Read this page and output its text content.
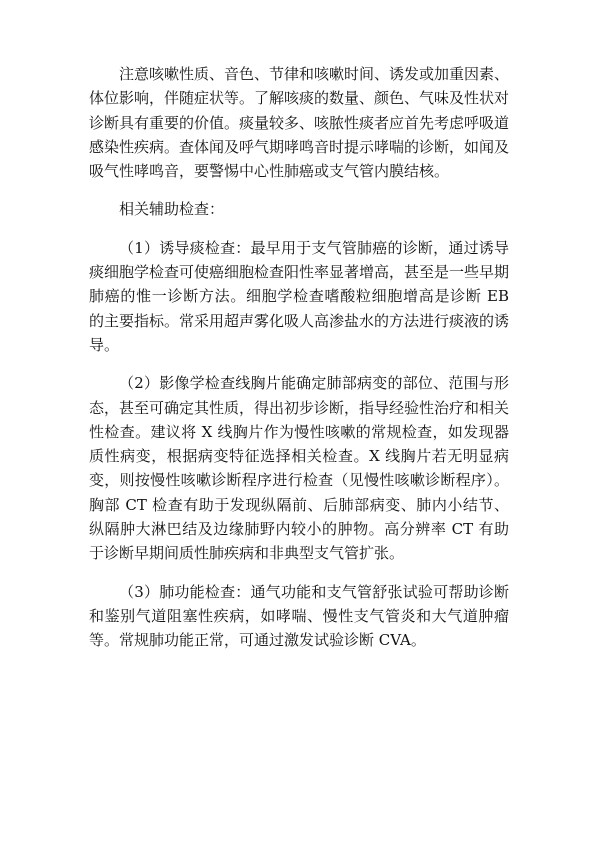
注意咳嗽性质、音色、节律和咳嗽时间、诱发或加重因素、体位影响，伴随症状等。了解咳痰的数量、颜色、气味及性状对诊断具有重要的价值。痰量较多、咳脓性痰者应首先考虑呼吸道感染性疾病。查体闻及呼气期哮鸣音时提示哮喘的诊断，如闻及吸气性哮鸣音，要警惕中心性肺癌或支气管内膜结核。

相关辅助检查：

（1）诱导痰检查：最早用于支气管肺癌的诊断，通过诱导痰细胞学检查可使癌细胞检查阳性率显著增高，甚至是一些早期肺癌的惟一诊断方法。细胞学检查嗜酸粒细胞增高是诊断 EB 的主要指标。常采用超声雾化吸人高渗盐水的方法进行痰液的诱导。

（2）影像学检查线胸片能确定肺部病变的部位、范围与形态，甚至可确定其性质，得出初步诊断，指导经验性治疗和相关性检查。建议将 X 线胸片作为慢性咳嗽的常规检查，如发现器质性病变，根据病变特征选择相关检查。X 线胸片若无明显病变，则按慢性咳嗽诊断程序进行检查（见慢性咳嗽诊断程序）。胸部 CT 检查有助于发现纵隔前、后肺部病变、肺内小结节、纵隔肿大淋巴结及边缘肺野内较小的肿物。高分辨率 CT 有助于诊断早期间质性肺疾病和非典型支气管扩张。

（3）肺功能检查：通气功能和支气管舒张试验可帮助诊断和鉴别气道阻塞性疾病，如哮喘、慢性支气管炎和大气道肿瘤等。常规肺功能正常，可通过激发试验诊断 CVA。
